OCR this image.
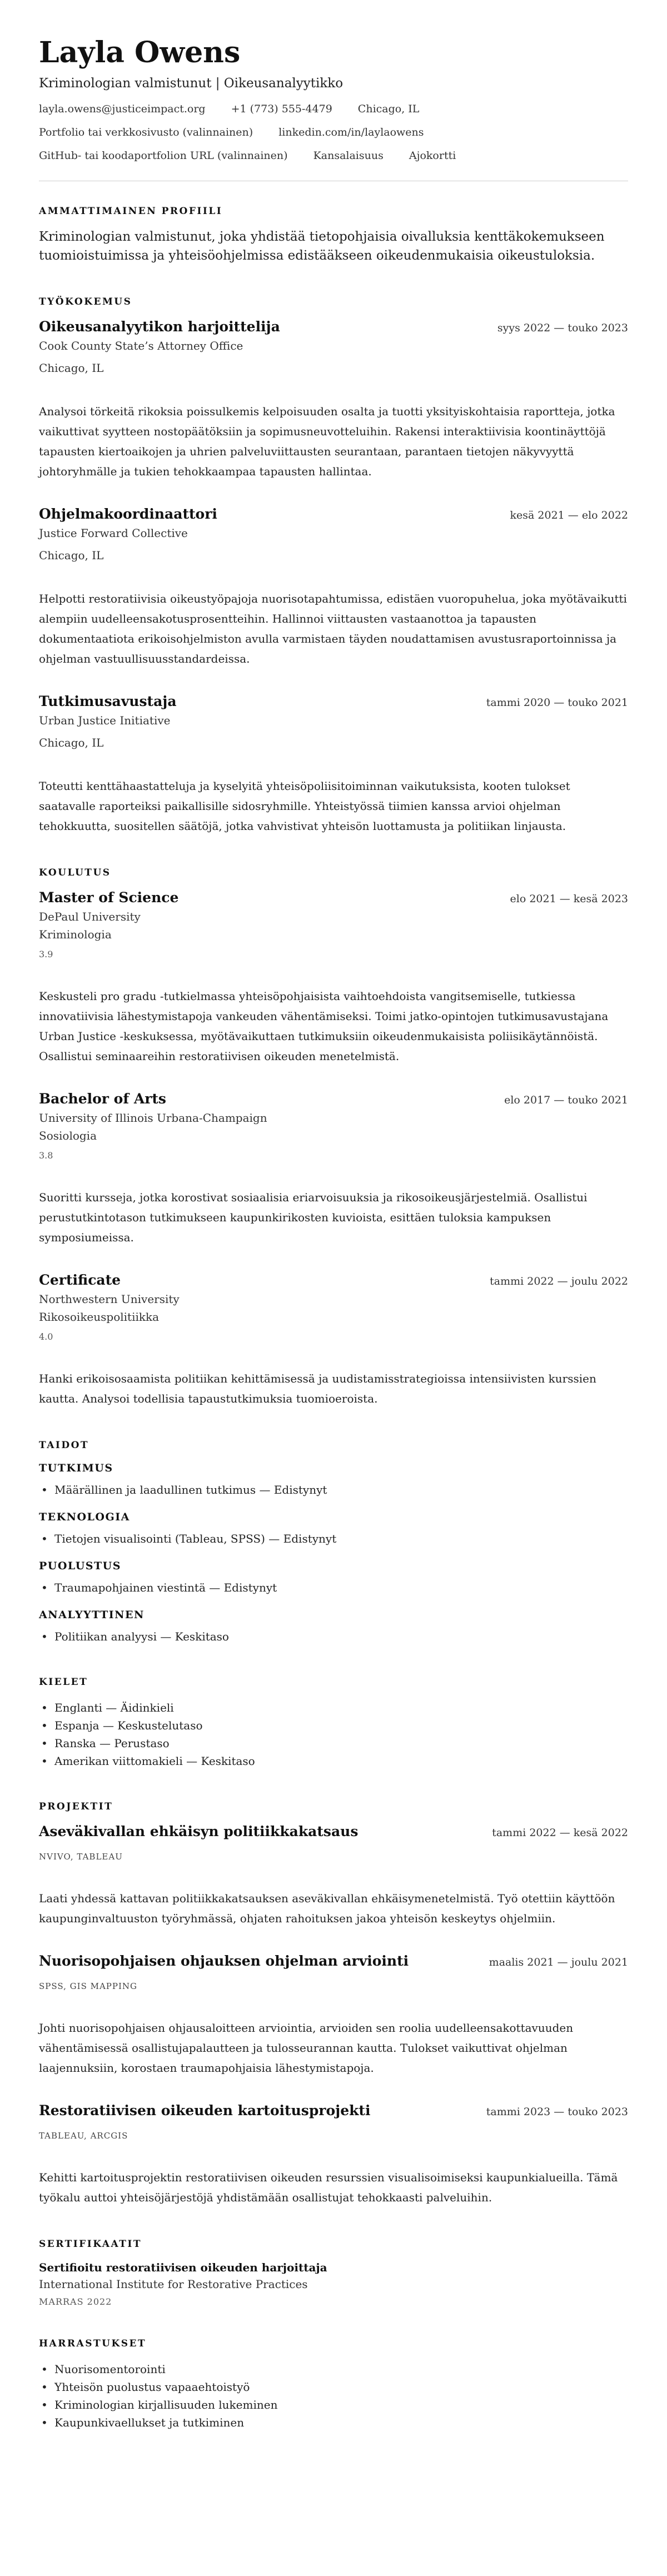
Layla Owens
Kriminologian valmistunut | Oikeusanalyytikko
layla.owens@justiceimpact.org +1 (773) 555-4479 Chicago, IL
Portfolio tai verkkosivusto (valinnainen) linkedin.com/in/laylaowens
GitHub- tai koodaportfolion URL (valinnainen) Kansalaisuus Ajokortti
AMMATTIMAINEN PROFIILI

Kriminologian valmistunut, joka yhdistää tietopohjaisia oivalluksia kenttäkokemukseen tuomioistuimissa ja yhteisöohjelmissa edistääkseen oikeudenmukaisia oikeustuloksia.

TYÖKOKEMUS
Oikeusanalyytikon harjoittelija	syys 2022 — touko 2023
Cook County State’s Attorney Office
Chicago, IL

Analysoi törkeitä rikoksia poissulkemis kelpoisuuden osalta ja tuotti yksityiskohtaisia raportteja, jotka vaikuttivat syytteen nostopäätöksiin ja sopimusneuvotteluihin. Rakensi interaktiivisia koontinäyttöjä tapausten kiertoaikojen ja uhrien palveluviittausten seurantaan, parantaen tietojen näkyvyyttä johtoryhmälle ja tukien tehokkaampaa tapausten hallintaa.

Ohjelmakoordinaattori	kesä 2021 — elo 2022
Justice Forward Collective
Chicago, IL

Helpotti restoratiivisia oikeustyöpajoja nuorisotapahtumissa, edistäen vuoropuhelua, joka myötävaikutti alempiin uudelleensakotusprosentteihin. Hallinnoi viittausten vastaanottoa ja tapausten dokumentaatiota erikoisohjelmiston avulla varmistaen täyden noudattamisen avustusraportoinnissa ja ohjelman vastuullisuusstandardeissa.

Tutkimusavustaja	tammi 2020 — touko 2021
Urban Justice Initiative
Chicago, IL

Toteutti kenttähaastatteluja ja kyselyitä yhteisöpoliisitoiminnan vaikutuksista, kooten tulokset saatavalle raporteiksi paikallisille sidosryhmille. Yhteistyössä tiimien kanssa arvioi ohjelman tehokkuutta, suositellen säätöjä, jotka vahvistivat yhteisön luottamusta ja politiikan linjausta.

KOULUTUS
Master of Science	elo 2021 — kesä 2023
DePaul University
Kriminologia
3.9

Keskusteli pro gradu -tutkielmassa yhteisöpohjaisista vaihtoehdoista vangitsemiselle, tutkiessa innovatiivisia lähestymistapoja vankeuden vähentämiseksi. Toimi jatko-opintojen tutkimusavustajana Urban Justice -keskuksessa, myötävaikuttaen tutkimuksiin oikeudenmukaisista poliisikäytännöistä. Osallistui seminaareihin restoratiivisen oikeuden menetelmistä.

Bachelor of Arts	elo 2017 — touko 2021
University of Illinois Urbana-Champaign
Sosiologia
3.8

Suoritti kursseja, jotka korostivat sosiaalisia eriarvoisuuksia ja rikosoikeusjärjestelmiä. Osallistui perustutkintotason tutkimukseen kaupunkirikosten kuvioista, esittäen tuloksia kampuksen symposiumeissa.

Certificate	tammi 2022 — joulu 2022
Northwestern University
Rikosoikeuspolitiikka
4.0

Hanki erikoisosaamista politiikan kehittämisessä ja uudistamisstrategioissa intensiivisten kurssien kautta. Analysoi todellisia tapaustutkimuksia tuomioeroista.

TAIDOT
TUTKIMUS
• Määrällinen ja laadullinen tutkimus — Edistynyt
TEKNOLOGIA
• Tietojen visualisointi (Tableau, SPSS) — Edistynyt
PUOLUSTUS
• Traumapohjainen viestintä — Edistynyt
ANALYYTTINEN
• Politiikan analyysi — Keskitaso
KIELET
• Englanti — Äidinkieli
• Espanja — Keskustelutaso
• Ranska — Perustaso
• Amerikan viittomakieli — Keskitaso
PROJEKTIT
Aseväkivallan ehkäisyn politiikkakatsaus	tammi 2022 — kesä 2022
NVIVO, TABLEAU

Laati yhdessä kattavan politiikkakatsauksen aseväkivallan ehkäisymenetelmistä. Työ otettiin käyttöön kaupunginvaltuuston työryhmässä, ohjaten rahoituksen jakoa yhteisön keskeytys ohjelmiin.

Nuorisopohjaisen ohjauksen ohjelman arviointi	maalis 2021 — joulu 2021
SPSS, GIS MAPPING

Johti nuorisopohjaisen ohjausaloitteen arviointia, arvioiden sen roolia uudelleensakottavuuden vähentämisessä osallistujapalautteen ja tulosseurannan kautta. Tulokset vaikuttivat ohjelman laajennuksiin, korostaen traumapohjaisia lähestymistapoja.

Restoratiivisen oikeuden kartoitusprojekti	tammi 2023 — touko 2023
TABLEAU, ARCGIS

Kehitti kartoitusprojektin restoratiivisen oikeuden resurssien visualisoimiseksi kaupunkialueilla. Tämä työkalu auttoi yhteisöjärjestöjä yhdistämään osallistujat tehokkaasti palveluihin.

SERTIFIKAATIT
Sertifioitu restoratiivisen oikeuden harjoittaja
International Institute for Restorative Practices
MARRAS 2022
HARRASTUKSET
• Nuorisomentorointi
• Yhteisön puolustus vapaaehtoistyö
• Kriminologian kirjallisuuden lukeminen
• Kaupunkivaellukset ja tutkiminen
